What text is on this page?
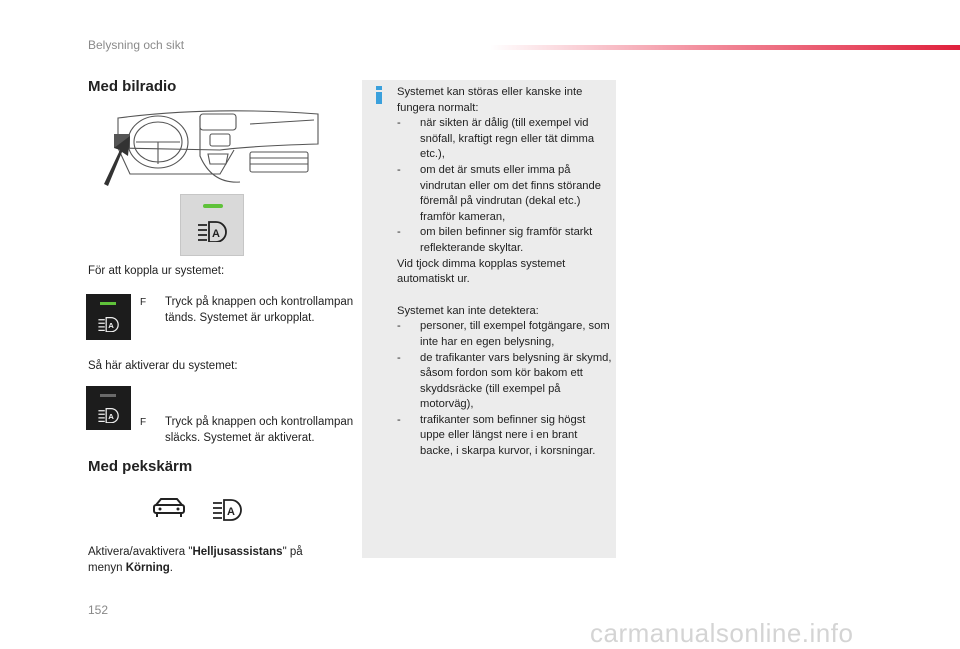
Belysning och sikt
Med bilradio
A
För att koppla ur systemet:
A
F Tryck på knappen och kontrollampan tänds. Systemet är urkopplat.
Så här aktiverar du systemet:
A
F Tryck på knappen och kontrollampan släcks. Systemet är aktiverat.
Med pekskärm
A
Aktivera/avaktivera "Helljusassistans" på menyn Körning.

Systemet kan störas eller kanske inte fungera normalt:

- när sikten är dålig (till exempel vid snöfall, kraftigt regn eller tät dimma etc.),
- om det är smuts eller imma på vindrutan eller om det finns störande föremål på vindrutan (dekal etc.) framför kameran,
- om bilen befinner sig framför starkt reflekterande skyltar.

Vid tjock dimma kopplas systemet automatiskt ur.

Systemet kan inte detektera:

- personer, till exempel fotgängare, som inte har en egen belysning,
- de trafikanter vars belysning är skymd, såsom fordon som kör bakom ett skyddsräcke (till exempel på motorväg),
- trafikanter som befinner sig högst uppe eller längst nere i en brant backe, i skarpa kurvor, i korsningar.
152
carmanualsonline.info
